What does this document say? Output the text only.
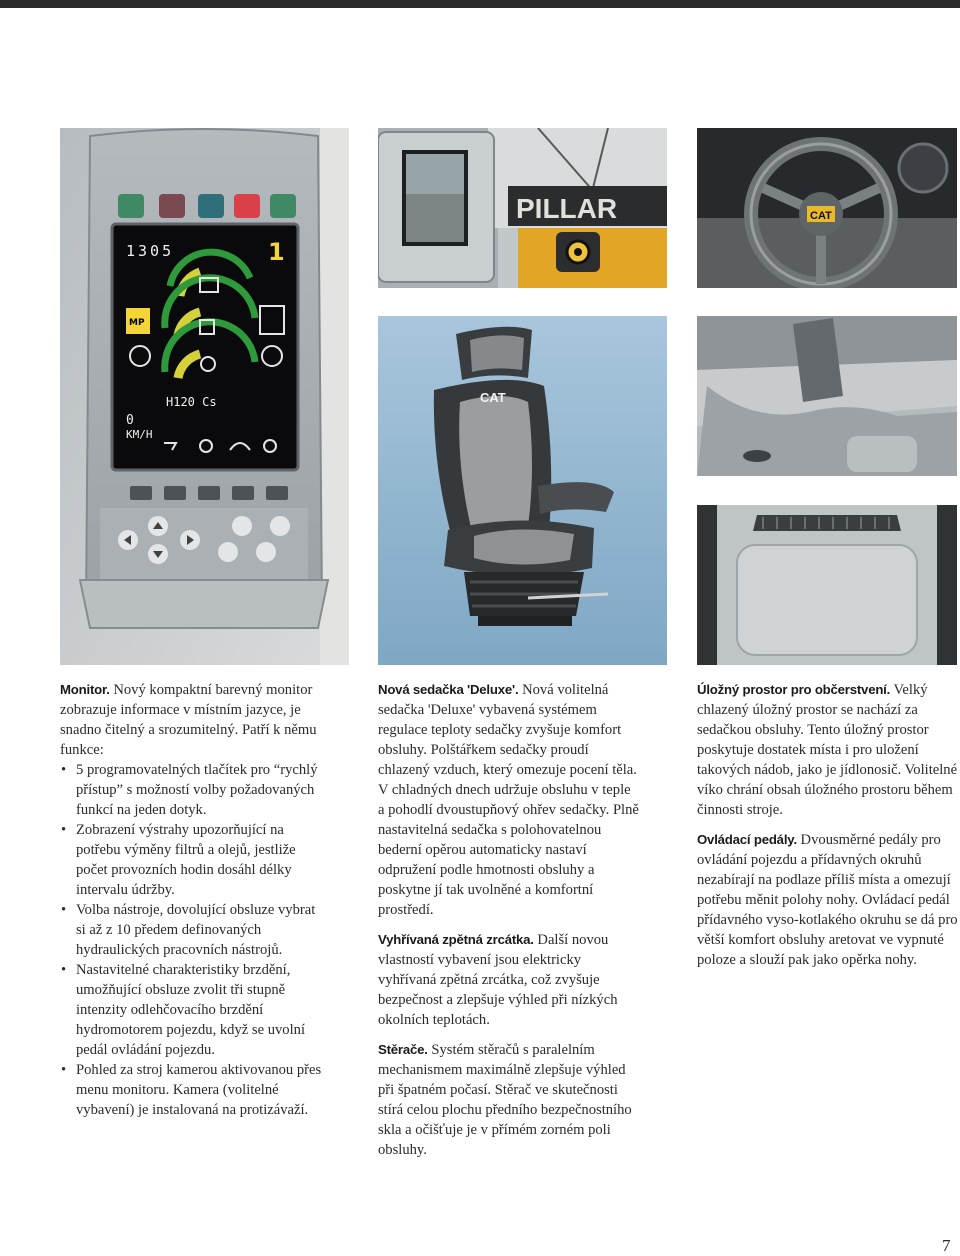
1305	1
MP
H120 Cs
0
KM/H
PILLAR	CAT
CAT

Monitor. Nový kompaktní barevný monitor zobrazuje informace v místním jazyce, je snadno čitelný a srozumitelný. Patří k němu funkce:

• 5 programovatelných tlačítek pro “rychlý přístup” s možností volby požadovaných funkcí na jeden dotyk.
• Zobrazení výstrahy upozorňující na potřebu výměny filtrů a olejů, jestliže počet provozních hodin dosáhl délky intervalu údržby.
• Volba nástroje, dovolující obsluze vybrat si až z 10 předem definovaných hydraulických pracovních nástrojů.
• Nastavitelné charakteristiky brzdění, umožňující obsluze zvolit tři stupně intenzity odlehčovacího brzdění hydromotorem pojezdu, když se uvolní pedál ovládání pojezdu.
• Pohled za stroj kamerou aktivovanou přes menu monitoru. Kamera (volitelné vybavení) je instalovaná na protizávaží.

Nová sedačka 'Deluxe'. Nová volitelná sedačka 'Deluxe' vybavená systémem regulace teploty sedačky zvyšuje komfort obsluhy. Polštářkem sedačky proudí chlazený vzduch, který omezuje pocení těla. V chladných dnech udržuje obsluhu v teple a pohodlí dvoustupňový ohřev sedačky. Plně nastavitelná sedačka s polohovatelnou bederní opěrou automaticky nastaví odpružení podle hmotnosti obsluhy a poskytne jí tak uvolněné a komfortní prostředí.

Vyhřívaná zpětná zrcátka. Další novou vlastností vybavení jsou elektricky vyhřívaná zpětná zrcátka, což zvyšuje bezpečnost a zlepšuje výhled při nízkých okolních teplotách.

Stěrače. Systém stěračů s paralelním mechanismem maximálně zlepšuje výhled při špatném počasí. Stěrač ve skutečnosti stírá celou plochu předního bezpečnostního skla a očišťuje je v přímém zorném poli obsluhy.

Úložný prostor pro občerstvení. Velký chlazený úložný prostor se nachází za sedačkou obsluhy. Tento úložný prostor poskytuje dostatek místa i pro uložení takových nádob, jako je jídlonosič. Volitelné víko chrání obsah úložného prostoru během činnosti stroje.

Ovládací pedály. Dvousměrné pedály pro ovládání pojezdu a přídavných okruhů nezabírají na podlaze příliš místa a omezují potřebu měnit polohy nohy. Ovládací pedál přídavného vyso-kotlakého okruhu se dá pro větší komfort obsluhy aretovat ve vypnuté poloze a slouží pak jako opěrka nohy.

7
